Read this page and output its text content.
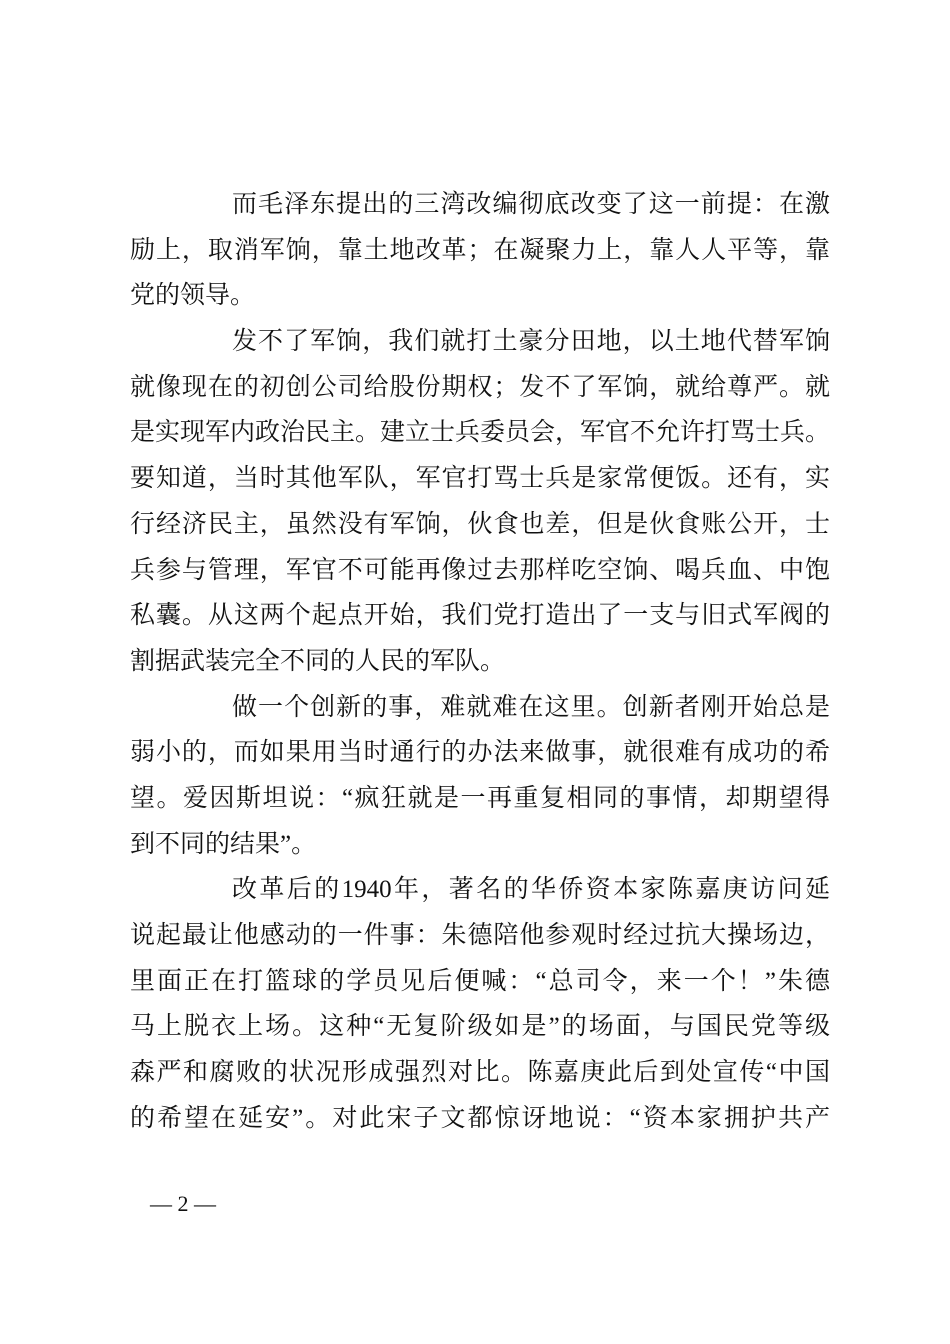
而毛泽东提出的三湾改编彻底改变了这一前提：在激
励上，取消军饷，靠土地改革；在凝聚力上，靠人人平等，靠
党的领导。
发不了军饷，我们就打土豪分田地，以土地代替军饷
就像现在的初创公司给股份期权；发不了军饷，就给尊严。就
是实现军内政治民主。建立士兵委员会，军官不允许打骂士兵。
要知道，当时其他军队，军官打骂士兵是家常便饭。还有，实
行经济民主，虽然没有军饷，伙食也差，但是伙食账公开，士
兵参与管理，军官不可能再像过去那样吃空饷、喝兵血、中饱
私囊。从这两个起点开始，我们党打造出了一支与旧式军阀的
割据武装完全不同的人民的军队。
做一个创新的事，难就难在这里。创新者刚开始总是
弱小的，而如果用当时通行的办法来做事，就很难有成功的希
望。爱因斯坦说：“疯狂就是一再重复相同的事情，却期望得
到不同的结果”。
改革后的1940年，著名的华侨资本家陈嘉庚访问延
说起最让他感动的一件事：朱德陪他参观时经过抗大操场边，
里面正在打篮球的学员见后便喊：“总司令，来一个！”朱德
马上脱衣上场。这种“无复阶级如是”的场面，与国民党等级
森严和腐败的状况形成强烈对比。陈嘉庚此后到处宣传“中国
的希望在延安”。对此宋子文都惊讶地说：“资本家拥护共产
— 2 —
